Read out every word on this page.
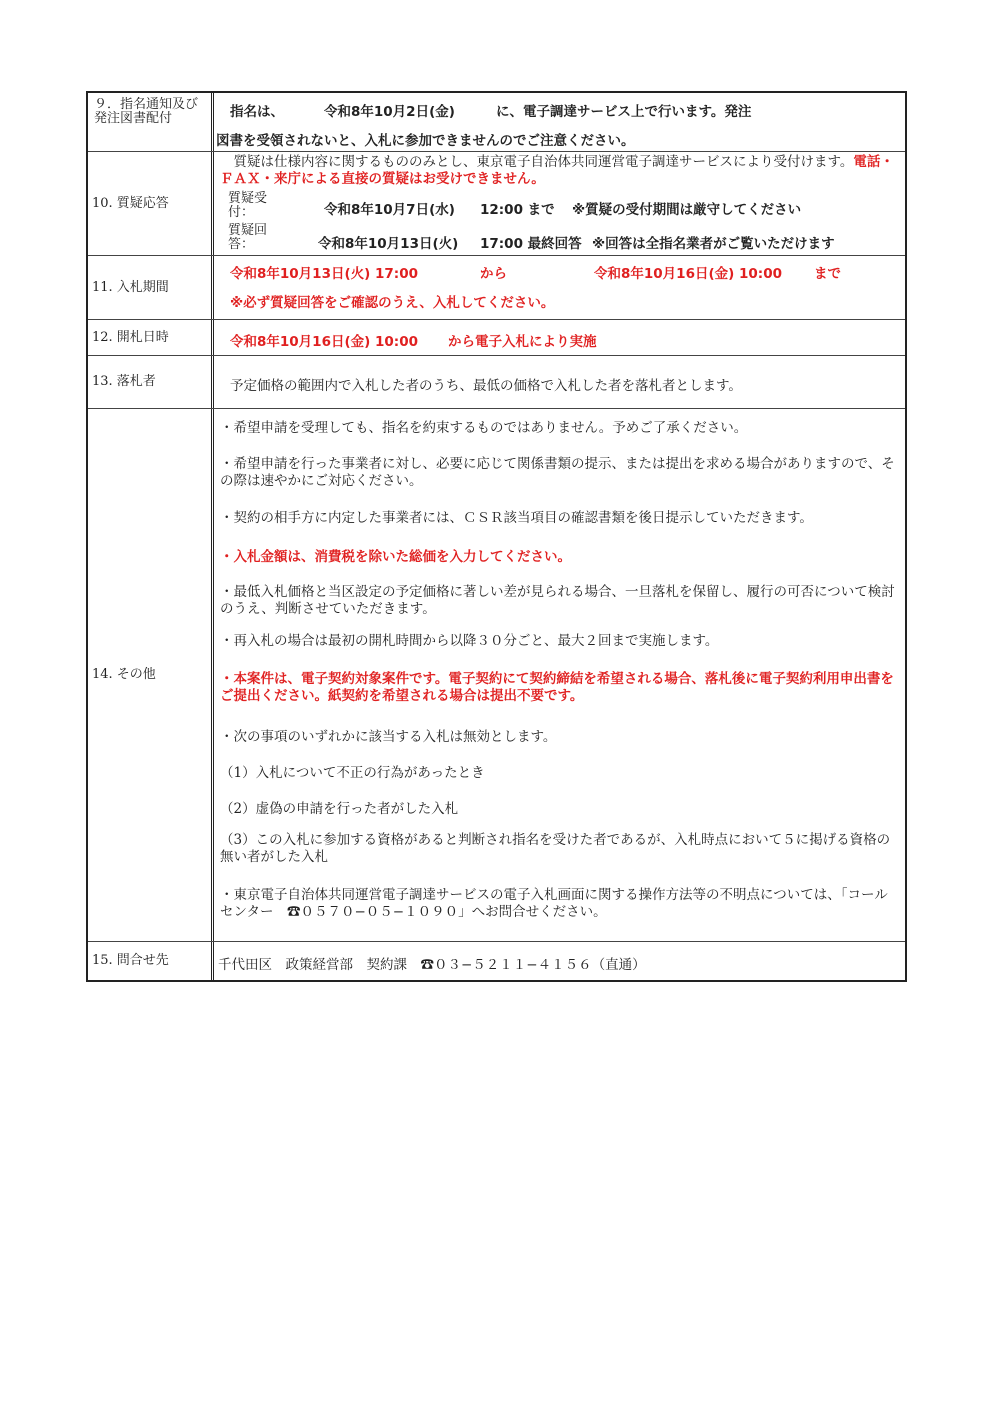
９．指名通知及び発注図書配付	指名は、	令和8年10月2日(金)	に、電子調達サービス上で行います。発注
図書を受領されないと、入札に参加できませんのでご注意ください。
10. 質疑応答

質疑は仕様内容に関するもののみとし、東京電子自治体共同運営電子調達サービスにより受付けます。電話・ＦＡＸ・来庁による直接の質疑はお受けできません。

質疑受付：	令和8年10月7日(水) 12:00 まで ※質疑の受付期間は厳守してください
質疑回答：	令和8年10月13日(火) 17:00 最終回答 ※回答は全指名業者がご覧いただけます
11. 入札期間
令和8年10月13日(火) 17:00	から	令和8年10月16日(金) 10:00 まで
※必ず質疑回答をご確認のうえ、入札してください。
12. 開札日時	令和8年10月16日(金) 10:00 から電子入札により実施
13. 落札者	予定価格の範囲内で入札した者のうち、最低の価格で入札した者を落札者とします。
14. その他

・希望申請を受理しても、指名を約束するものではありません。予めご了承ください。

・希望申請を行った事業者に対し、必要に応じて関係書類の提示、または提出を求める場合がありますので、その際は速やかにご対応ください。

・契約の相手方に内定した事業者には、ＣＳＲ該当項目の確認書類を後日提示していただきます。

・入札金額は、消費税を除いた総価を入力してください。

・最低入札価格と当区設定の予定価格に著しい差が見られる場合、一旦落札を保留し、履行の可否について検討のうえ、判断させていただきます。

・再入札の場合は最初の開札時間から以降３０分ごと、最大２回まで実施します。

・本案件は、電子契約対象案件です。電子契約にて契約締結を希望される場合、落札後に電子契約利用申出書をご提出ください。紙契約を希望される場合は提出不要です。

・次の事項のいずれかに該当する入札は無効とします。

（1）入札について不正の行為があったとき

（2）虚偽の申請を行った者がした入札

（3）この入札に参加する資格があると判断され指名を受けた者であるが、入札時点において５に掲げる資格の無い者がした入札

・東京電子自治体共同運営電子調達サービスの電子入札画面に関する操作方法等の不明点については、「コールセンター　☎０５７０−０５−１０９０」へお問合せください。

15. 問合せ先	千代田区　政策経営部　契約課　☎０３−５２１１−４１５６（直通）
